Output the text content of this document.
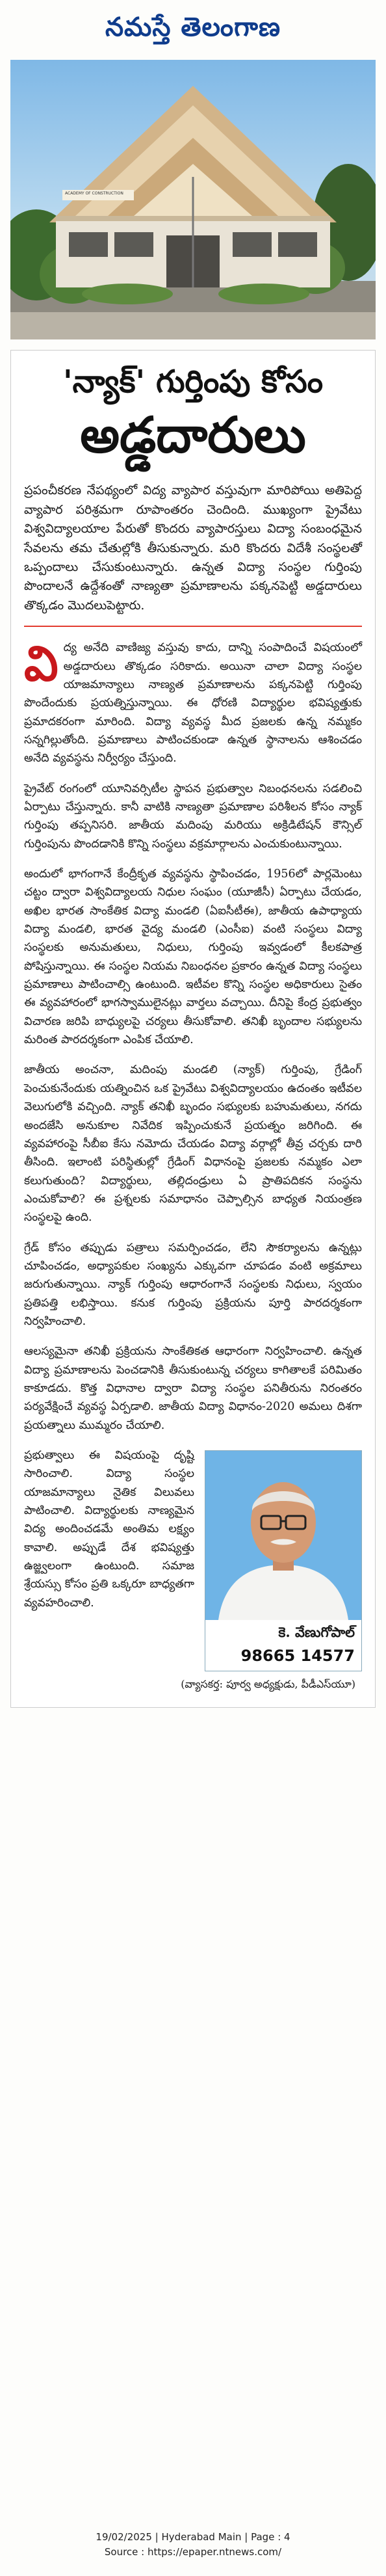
నమస్తే తెలంగాణ
ACADEMY OF CONSTRUCTION
'న్యాక్' గుర్తింపు కోసం
అడ్డదారులు
ప్రపంచీకరణ నేపథ్యంలో విద్య వ్యాపార వస్తువుగా మారిపోయి అతిపెద్ద వ్యాపార పరిశ్రమగా రూపాంతరం చెందింది. ముఖ్యంగా ప్రైవేటు విశ్వవిద్యాలయాల పేరుతో కొందరు వ్యాపారస్తులు విద్యా సంబంధమైన సేవలను తమ చేతుల్లోకి తీసుకున్నారు. మరి కొందరు విదేశీ సంస్థలతో ఒప్పందాలు చేసుకుంటున్నారు. ఉన్నత విద్యా సంస్థల గుర్తింపు పొందాలనే ఉద్దేశంతో నాణ్యతా ప్రమాణాలను పక్కనపెట్టి అడ్డదారులు తొక్కడం మొదలుపెట్టారు.

వి ద్య అనేది వాణిజ్య వస్తువు కాదు, దాన్ని సంపాదించే విషయంలో అడ్డదారులు తొక్కడం సరికాదు. అయినా చాలా విద్యా సంస్థల యాజమాన్యాలు నాణ్యత ప్రమాణాలను పక్కనపెట్టి గుర్తింపు పొందేందుకు ప్రయత్నిస్తున్నాయి. ఈ ధోరణి విద్యార్థుల భవిష్యత్తుకు ప్రమాదకరంగా మారింది. విద్యా వ్యవస్థ మీద ప్రజలకు ఉన్న నమ్మకం సన్నగిల్లుతోంది. ప్రమాణాలు పాటించకుండా ఉన్నత స్థానాలను ఆశించడం అనేది వ్యవస్థను నిర్వీర్యం చేస్తుంది.

ప్రైవేట్ రంగంలో యూనివర్సిటీల స్థాపన ప్రభుత్వాల నిబంధనలను సడలించి ఏర్పాటు చేస్తున్నారు. కానీ వాటికి నాణ్యతా ప్రమాణాల పరిశీలన కోసం న్యాక్ గుర్తింపు తప్పనిసరి. జాతీయ మదింపు మరియు అక్రిడిటేషన్ కౌన్సిల్ గుర్తింపును పొందడానికి కొన్ని సంస్థలు వక్రమార్గాలను ఎంచుకుంటున్నాయి.

అందులో భాగంగానే కేంద్రీకృత వ్యవస్థను స్థాపించడం, 1956లో పార్లమెంటు చట్టం ద్వారా విశ్వవిద్యాలయ నిధుల సంఘం (యూజీసీ) ఏర్పాటు చేయడం, అఖిల భారత సాంకేతిక విద్యా మండలి (ఏఐసీటీఈ), జాతీయ ఉపాధ్యాయ విద్యా మండలి, భారత వైద్య మండలి (ఎంసీఐ) వంటి సంస్థలు విద్యా సంస్థలకు అనుమతులు, నిధులు, గుర్తింపు ఇవ్వడంలో కీలకపాత్ర పోషిస్తున్నాయి. ఈ సంస్థల నియమ నిబంధనల ప్రకారం ఉన్నత విద్యా సంస్థలు ప్రమాణాలు పాటించాల్సి ఉంటుంది. ఇటీవల కొన్ని సంస్థల అధికారులు సైతం ఈ వ్యవహారంలో భాగస్వాములైనట్లు వార్తలు వచ్చాయి. దీనిపై కేంద్ర ప్రభుత్వం విచారణ జరిపి బాధ్యులపై చర్యలు తీసుకోవాలి. తనిఖీ బృందాల సభ్యులను మరింత పారదర్శకంగా ఎంపిక చేయాలి.

జాతీయ అంచనా, మదింపు మండలి (న్యాక్) గుర్తింపు, గ్రేడింగ్ పెంచుకునేందుకు యత్నించిన ఒక ప్రైవేటు విశ్వవిద్యాలయం ఉదంతం ఇటీవల వెలుగులోకి వచ్చింది. న్యాక్ తనిఖీ బృందం సభ్యులకు బహుమతులు, నగదు అందజేసి అనుకూల నివేదిక ఇప్పించుకునే ప్రయత్నం జరిగింది. ఈ వ్యవహారంపై సీబీఐ కేసు నమోదు చేయడం విద్యా వర్గాల్లో తీవ్ర చర్చకు దారి తీసింది. ఇలాంటి పరిస్థితుల్లో గ్రేడింగ్ విధానంపై ప్రజలకు నమ్మకం ఎలా కలుగుతుంది? విద్యార్థులు, తల్లిదండ్రులు ఏ ప్రాతిపదికన సంస్థను ఎంచుకోవాలి? ఈ ప్రశ్నలకు సమాధానం చెప్పాల్సిన బాధ్యత నియంత్రణ సంస్థలపై ఉంది.

గ్రేడ్ కోసం తప్పుడు పత్రాలు సమర్పించడం, లేని సౌకర్యాలను ఉన్నట్లు చూపించడం, అధ్యాపకుల సంఖ్యను ఎక్కువగా చూపడం వంటి అక్రమాలు జరుగుతున్నాయి. న్యాక్ గుర్తింపు ఆధారంగానే సంస్థలకు నిధులు, స్వయం ప్రతిపత్తి లభిస్తాయి. కనుక గుర్తింపు ప్రక్రియను పూర్తి పారదర్శకంగా నిర్వహించాలి.

ఆలస్యమైనా తనిఖీ ప్రక్రియను సాంకేతికత ఆధారంగా నిర్వహించాలి. ఉన్నత విద్యా ప్రమాణాలను పెంచడానికి తీసుకుంటున్న చర్యలు కాగితాలకే పరిమితం కాకూడదు. కొత్త విధానాల ద్వారా విద్యా సంస్థల పనితీరును నిరంతరం పర్యవేక్షించే వ్యవస్థ ఏర్పడాలి. జాతీయ విద్యా విధానం-2020 అమలు దిశగా ప్రయత్నాలు ముమ్మరం చేయాలి.

కె. వేణుగోపాల్
98665 14577

ప్రభుత్వాలు ఈ విషయంపై దృష్టి సారించాలి. విద్యా సంస్థల యాజమాన్యాలు నైతిక విలువలు పాటించాలి. విద్యార్థులకు నాణ్యమైన విద్య అందించడమే అంతిమ లక్ష్యం కావాలి. అప్పుడే దేశ భవిష్యత్తు ఉజ్జ్వలంగా ఉంటుంది. సమాజ శ్రేయస్సు కోసం ప్రతి ఒక్కరూ బాధ్యతగా వ్యవహరించాలి.

(వ్యాసకర్త: పూర్వ అధ్యక్షుడు, పీడీఎస్‌యూ)
19/02/2025 | Hyderabad Main | Page : 4
Source : https://epaper.ntnews.com/
